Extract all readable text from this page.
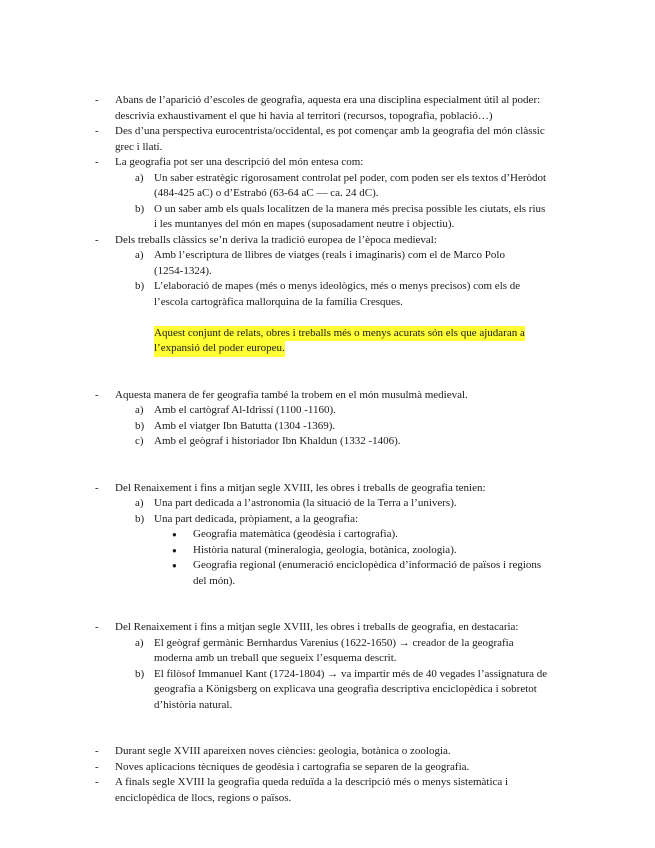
- Abans de l’aparició d’escoles de geografia, aquesta era una disciplina especialment útil al poder:
descrivia exhaustivament el que hi havia al territori (recursos, topografia, població…)
- Des d’una perspectiva eurocentrista/occidental, es pot començar amb la geografia del món clàssic
grec i llatí.
- La geografia pot ser una descripció del món entesa com:
a) Un saber estratègic rigorosament controlat pel poder, com poden ser els textos d’Heròdot
(484-425 aC) o d’Estrabó (63-64 aC — ca. 24 dC).
b) O un saber amb els quals localitzen de la manera més precisa possible les ciutats, els rius
i les muntanyes del món en mapes (suposadament neutre i objectiu).
- Dels treballs clàssics se’n deriva la tradició europea de l’època medieval:
a) Amb l’escriptura de llibres de viatges (reals i imaginaris) com el de Marco Polo
(1254-1324).
b) L’elaboració de mapes (més o menys ideològics, més o menys precisos) com els de
l’escola cartogràfica mallorquina de la família Cresques.
Aquest conjunt de relats, obres i treballs més o menys acurats són els que ajudaran a
l’expansió del poder europeu.
- Aquesta manera de fer geografia també la trobem en el món musulmà medieval.
a) Amb el cartògraf Al-Idrissí (1100 -1160).
b) Amb el viatger Ibn Batutta (1304 -1369).
c) Amb el geògraf i historiador Ibn Khaldun (1332 -1406).
- Del Renaixement i fins a mitjan segle XVIII, les obres i treballs de geografia tenien:
a) Una part dedicada a l’astronomia (la situació de la Terra a l’univers).
b) Una part dedicada, pròpiament, a la geografia:
● Geografia matemàtica (geodèsia i cartografia).
● Història natural (mineralogia, geologia, botànica, zoologia).
● Geografia regional (enumeració enciclopèdica d’informació de països i regions
del món).
- Del Renaixement i fins a mitjan segle XVIII, les obres i treballs de geografia, en destacaria:
a) El geògraf germànic Bernhardus Varenius (1622-1650) → creador de la geografia
moderna amb un treball que segueix l’esquema descrit.
b) El filòsof Immanuel Kant (1724-1804) → va impartir més de 40 vegades l’assignatura de
geografia a Königsberg on explicava una geografia descriptiva enciclopèdica i sobretot
d’història natural.
- Durant segle XVIII apareixen noves ciències: geologia, botànica o zoologia.
- Noves aplicacions tècniques de geodèsia i cartografia se separen de la geografia.
- A finals segle XVIII la geografia queda reduïda a la descripció més o menys sistemàtica i
enciclopèdica de llocs, regions o països.
